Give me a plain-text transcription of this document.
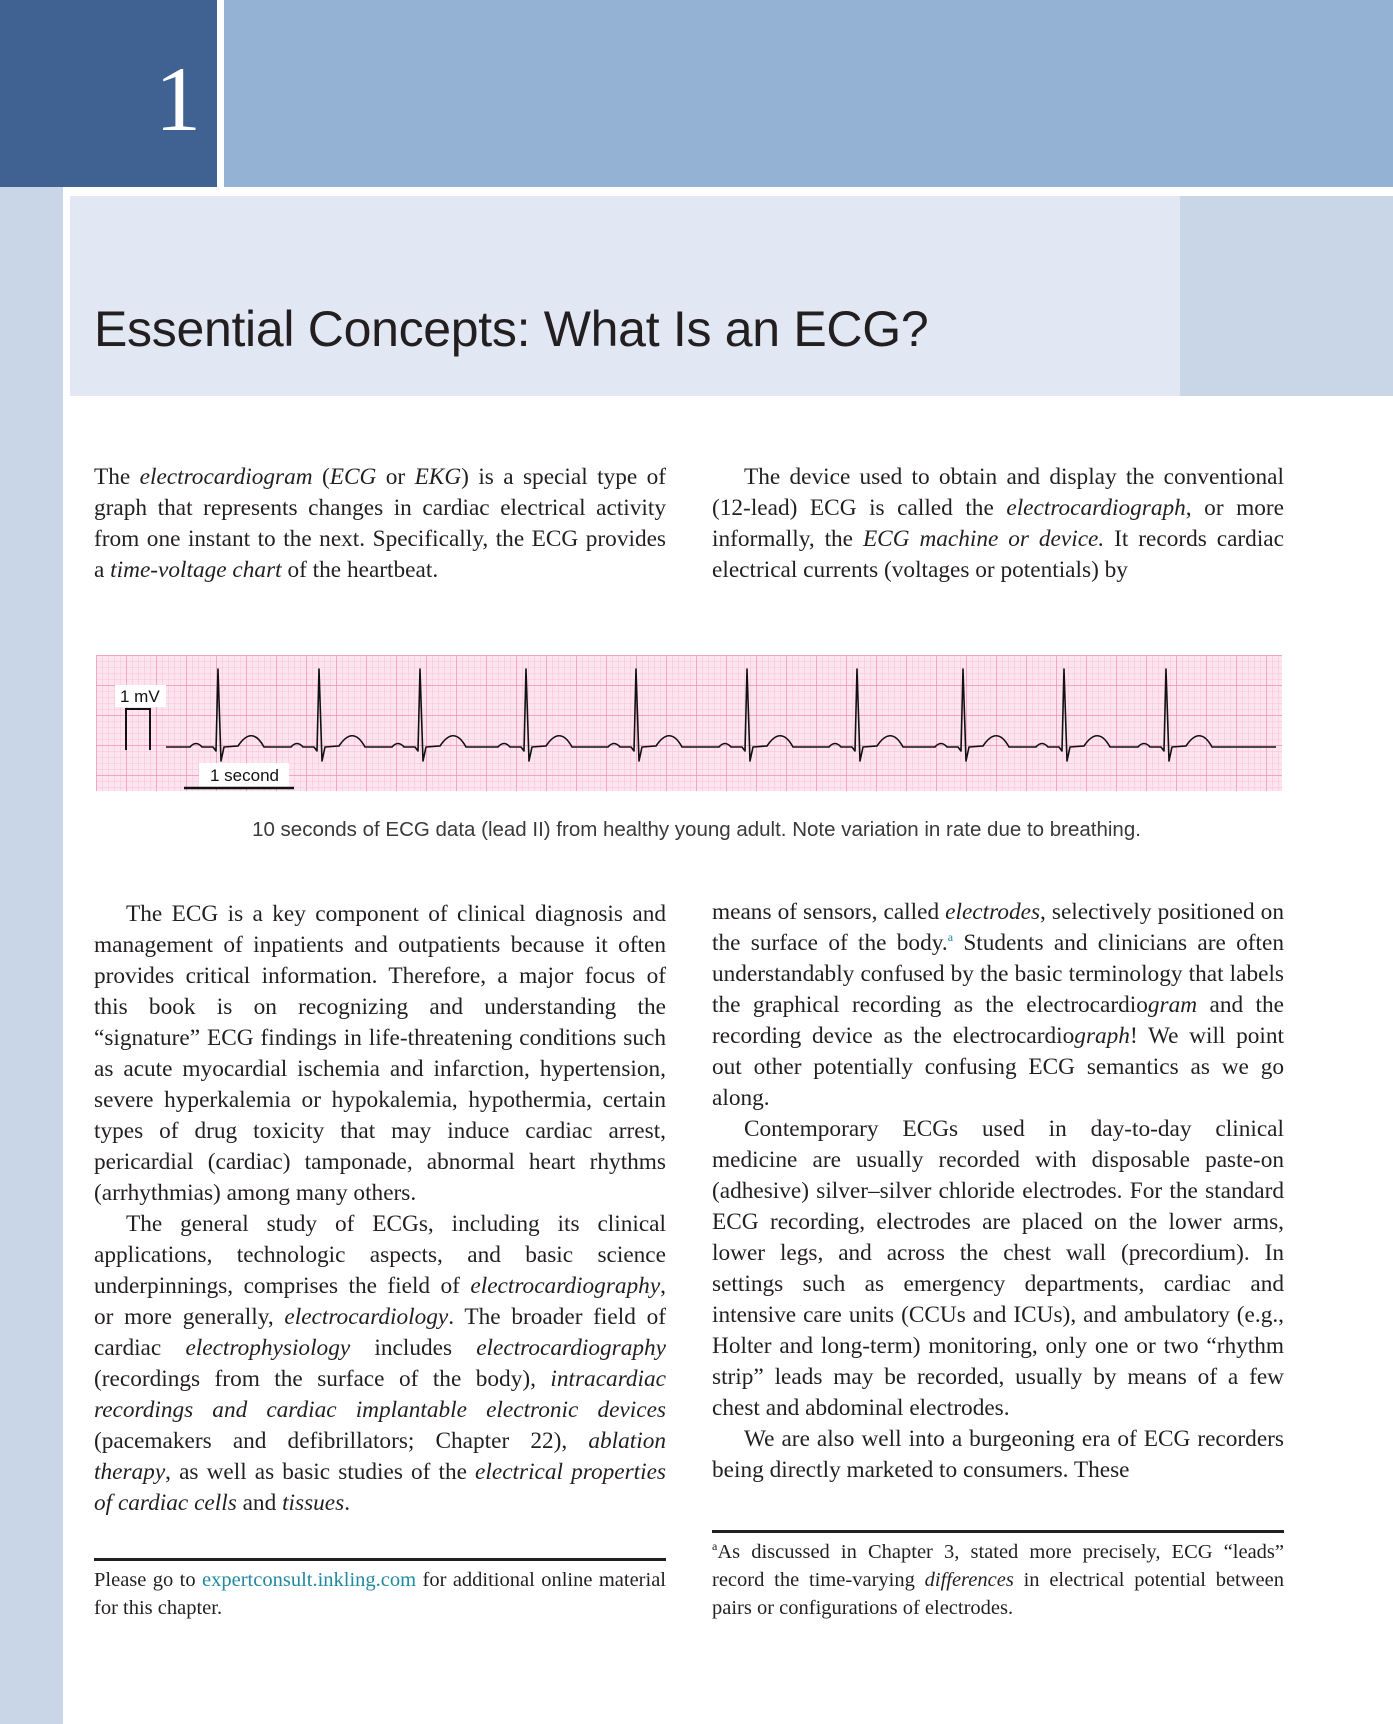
1
Essential Concepts: What Is an ECG?

The electrocardiogram (ECG or EKG) is a special type of graph that represents changes in cardiac electrical activity from one instant to the next. Specifically, the ECG provides a time-voltage chart of the heartbeat.

The device used to obtain and display the conventional (12-lead) ECG is called the electrocardiograph, or more informally, the ECG machine or device. It records cardiac electrical currents (voltages or potentials) by

1 mV
1 second
10 seconds of ECG data (lead II) from healthy young adult. Note variation in rate due to breathing.

The ECG is a key component of clinical diagnosis and management of inpatients and outpatients because it often provides critical information. Therefore, a major focus of this book is on recognizing and understanding the “signature” ECG findings in life-threatening conditions such as acute myocardial ischemia and infarction, hypertension, severe hyperkalemia or hypokalemia, hypothermia, certain types of drug toxicity that may induce cardiac arrest, pericardial (cardiac) tamponade, abnormal heart rhythms (arrhythmias) among many others.

The general study of ECGs, including its clinical applications, technologic aspects, and basic science underpinnings, comprises the field of electrocardiography, or more generally, electrocardiology. The broader field of cardiac electrophysiology includes electrocardiography (recordings from the surface of the body), intracardiac recordings and cardiac implantable electronic devices (pacemakers and defibrillators; Chapter 22), ablation therapy, as well as basic studies of the electrical properties of cardiac cells and tissues.

means of sensors, called electrodes, selectively positioned on the surface of the body.$^a$ Students and clinicians are often understandably confused by the basic terminology that labels the graphical recording as the electrocardiogram and the recording device as the electrocardiograph! We will point out other potentially confusing ECG semantics as we go along.

Contemporary ECGs used in day-to-day clinical medicine are usually recorded with disposable paste-on (adhesive) silver–silver chloride electrodes. For the standard ECG recording, electrodes are placed on the lower arms, lower legs, and across the chest wall (precordium). In settings such as emergency departments, cardiac and intensive care units (CCUs and ICUs), and ambulatory (e.g., Holter and long-term) monitoring, only one or two “rhythm strip” leads may be recorded, usually by means of a few chest and abdominal electrodes.

We are also well into a burgeoning era of ECG recorders being directly marketed to consumers. These

Please go to expertconsult.inkling.com for additional online material for this chapter.
$^a$As discussed in Chapter 3, stated more precisely, ECG “leads” record the time-varying differences in electrical potential between pairs or configurations of electrodes.
